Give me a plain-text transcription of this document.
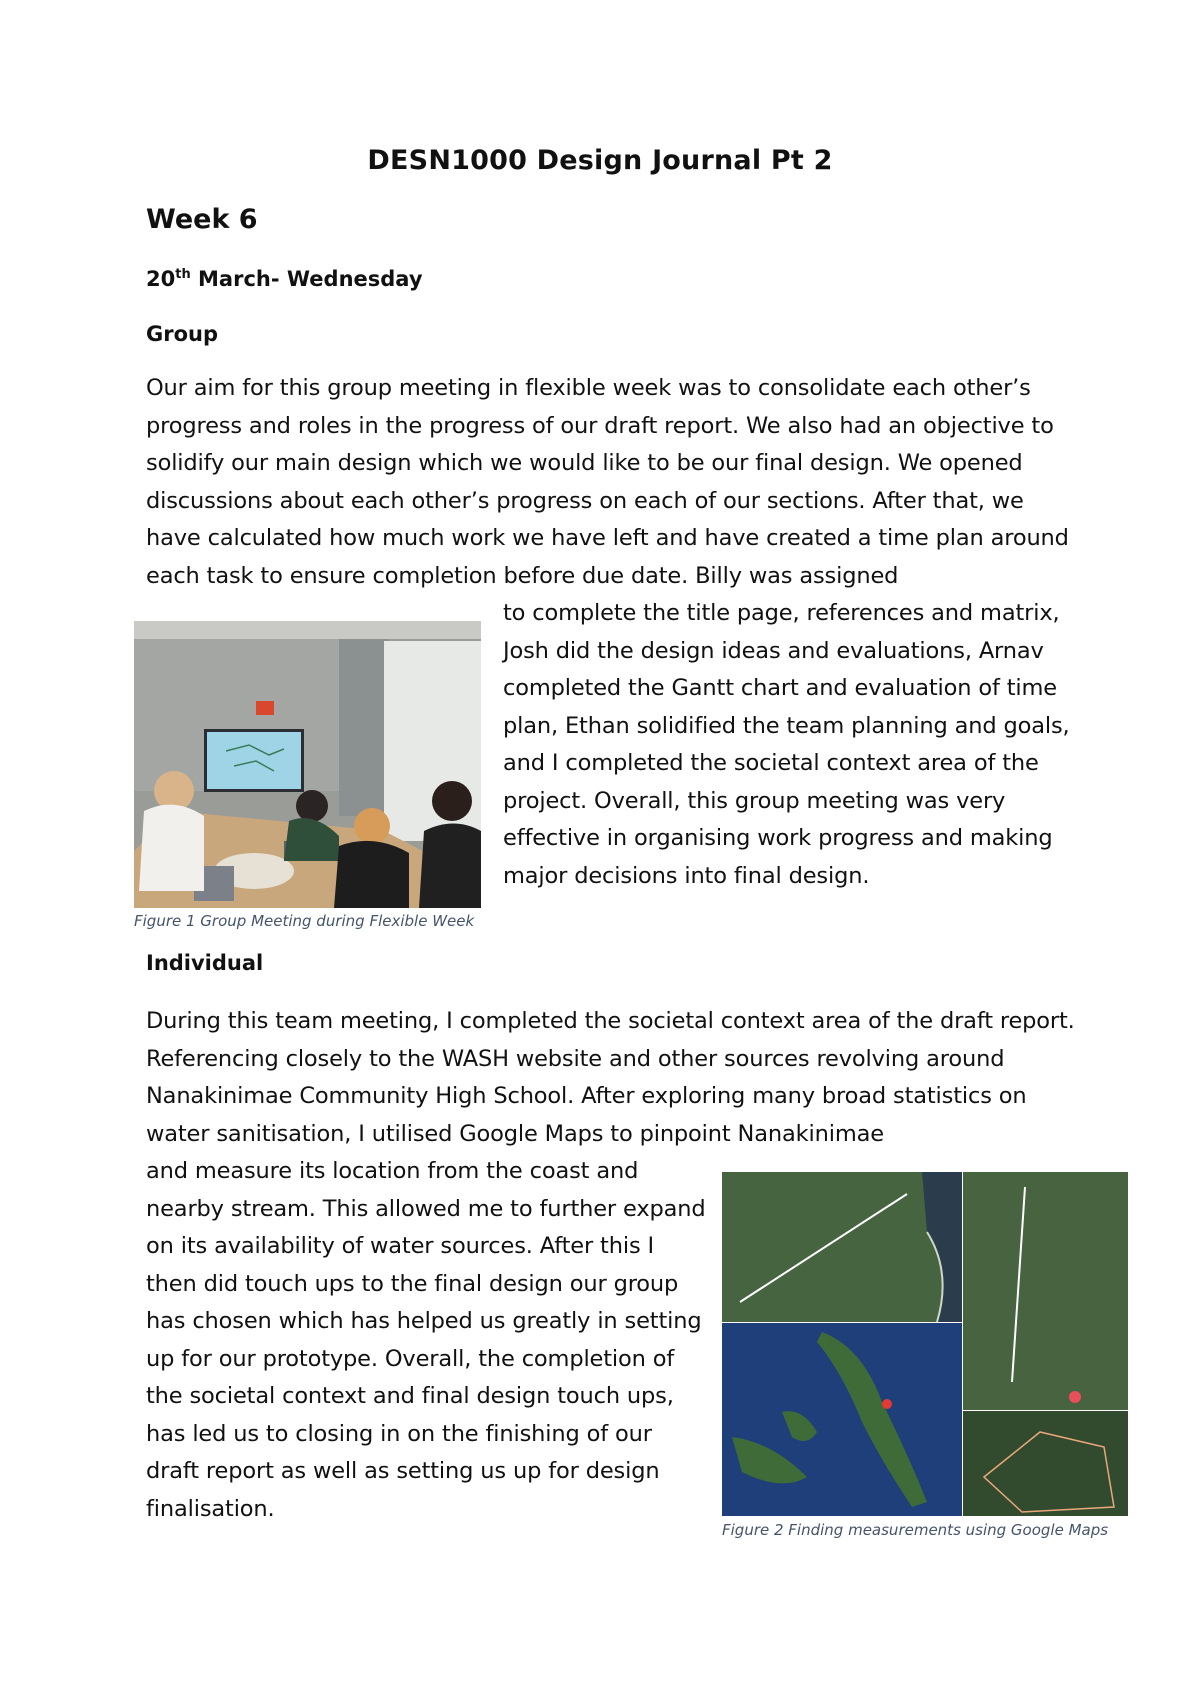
DESN1000 Design Journal Pt 2
Week 6
20th March- Wednesday
Group
Our aim for this group meeting in flexible week was to consolidate each other’s progress and roles in the progress of our draft report. We also had an objective to solidify our main design which we would like to be our final design. We opened discussions about each other’s progress on each of our sections. After that, we have calculated how much work we have left and have created a time plan around each task to ensure completion before due date. Billy was assigned
Figure 1 Group Meeting during Flexible Week
to complete the title page, references and matrix, Josh did the design ideas and evaluations, Arnav completed the Gantt chart and evaluation of time plan, Ethan solidified the team planning and goals, and I completed the societal context area of the project. Overall, this group meeting was very effective in organising work progress and making major decisions into final design.
Individual
During this team meeting, I completed the societal context area of the draft report. Referencing closely to the WASH website and other sources revolving around Nanakinimae Community High School. After exploring many broad statistics on water sanitisation, I utilised Google Maps to pinpoint Nanakinimae
and measure its location from the coast and nearby stream. This allowed me to further expand on its availability of water sources. After this I then did touch ups to the final design our group has chosen which has helped us greatly in setting up for our prototype. Overall, the completion of the societal context and final design touch ups, has led us to closing in on the finishing of our draft report as well as setting us up for design finalisation.
Figure 2 Finding measurements using Google Maps
